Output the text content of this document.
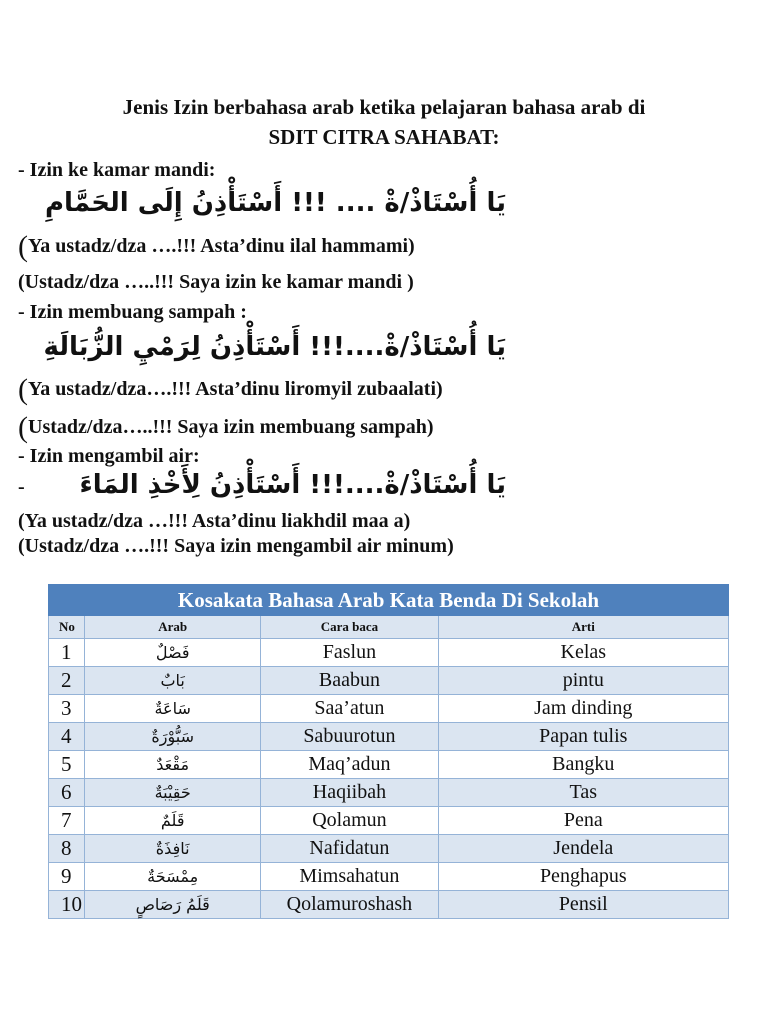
Jenis Izin berbahasa arab ketika pelajaran bahasa arab di
SDIT CITRA SAHABAT:
- Izin ke kamar mandi:
يَا أُسْتَاذْ/ةْ .... !!! أَسْتَأْذِنُ إِلَى الحَمَّامِ
(Ya ustadz/dza ….!!! Asta’dinu ilal hammami)
(Ustadz/dza …..!!! Saya izin ke kamar mandi )
- Izin membuang sampah :
يَا أُسْتَاذْ/ةْ....!!! أَسْتَأْذِنُ لِرَمْيِ الزُّبَالَةِ
(Ya ustadz/dza….!!! Asta’dinu liromyil zubaalati)
(Ustadz/dza…..!!! Saya izin membuang sampah)
- Izin mengambil air:
- يَا أُسْتَاذْ/ةْ....!!! أَسْتَأْذِنُ لِأَخْذِ المَاءَ
(Ya ustadz/dza …!!! Asta’dinu liakhdil maa a)
(Ustadz/dza ….!!! Saya izin mengambil air minum)
Kosakata Bahasa Arab Kata Benda Di Sekolah			
No	Arab	Cara baca	Arti
1	فَصْلٌ	Faslun	Kelas
2	بَابٌ	Baabun	pintu
3	سَاعَةٌ	Saa’atun	Jam dinding
4	سَبُّوْرَةٌ	Sabuurotun	Papan tulis
5	مَقْعَدٌ	Maq’adun	Bangku
6	حَقِيْبَةٌ	Haqiibah	Tas
7	قَلَمٌ	Qolamun	Pena
8	نَافِذَةٌ	Nafidatun	Jendela
9	مِمْسَحَةٌ	Mimsahatun	Penghapus
10	قَلَمُ رَصَاصٍ	Qolamuroshash	Pensil
